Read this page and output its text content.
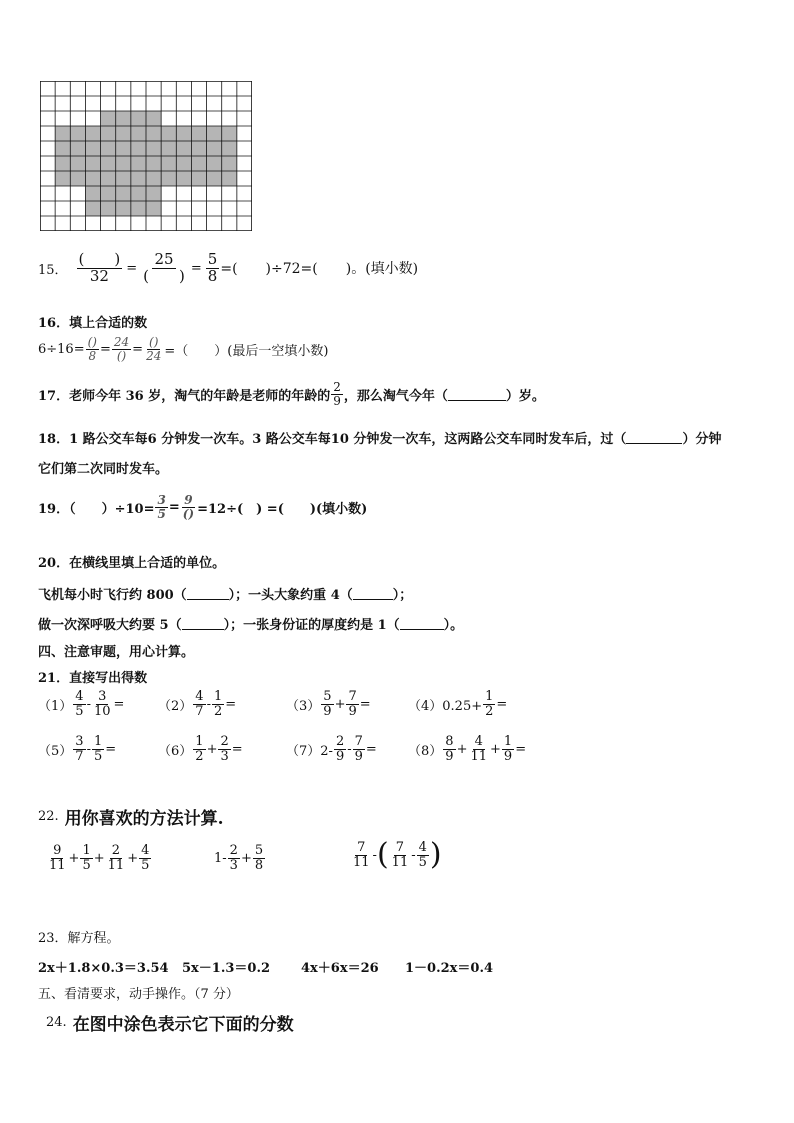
15． $\frac{( )}{32} = \frac{25}{( )} = \frac{5}{8}$ =(　　)÷72=(　　)。(填小数)
16．填上合适的数
$6\div 16= \frac{()}{8} = \frac{24}{()} = \frac{()}{24}$ =（　　）(最后一空填小数)
17．老师今年 36 岁，淘气的年龄是老师的年龄的 $\frac{2}{9}$ ，那么淘气今年（	）岁。
18．1 路公交车每6 分钟发一次车。3 路公交车每10 分钟发一次车，这两路公交车同时发车后，过（	）分钟
它们第二次同时发车。
19．（　　）$\div 10= \frac{3}{5} = \frac{9}{()} =12\div$(　) =(　　)(填小数)
20．在横线里填上合适的单位。
飞机每小时飞行约 800（	）；一头大象约重 4（	）；
做一次深呼吸大约要 5（	）；一张身份证的厚度约是 1（	）。
四、注意审题，用心计算。
21．直接写出得数
$(1) \frac{4}{5} - \frac{3}{10}$ =	$(2) \frac{4}{7} - \frac{1}{2}$ =	$(3) \frac{5}{9} + \frac{7}{9}$ =	$(4)0.25+ \frac{1}{2}$ =
$(5) \frac{3}{7} - \frac{1}{5}$ =	$(6) \frac{1}{2} + \frac{2}{3}$ =	$(7)2- \frac{2}{9} - \frac{7}{9} = (8) \frac{8}{9} + \frac{4}{11} + \frac{1}{9}$ =
22. 用你喜欢的方法计算.
$\frac{9}{11} + \frac{1}{5} + \frac{2}{11} + \frac{4}{5}$	$1- \frac{2}{3} + \frac{5}{8}$	$\frac{7}{11}$ - ( $\frac{7}{11} - \frac{4}{5}$ )
23．解方程。
2x＋1.8×0.3＝3.54 5x－1.3＝0.2 4x＋6x＝26 1－0.2x＝0.4
五、看清要求，动手操作。（7 分）
24. 在图中涂色表示它下面的分数
